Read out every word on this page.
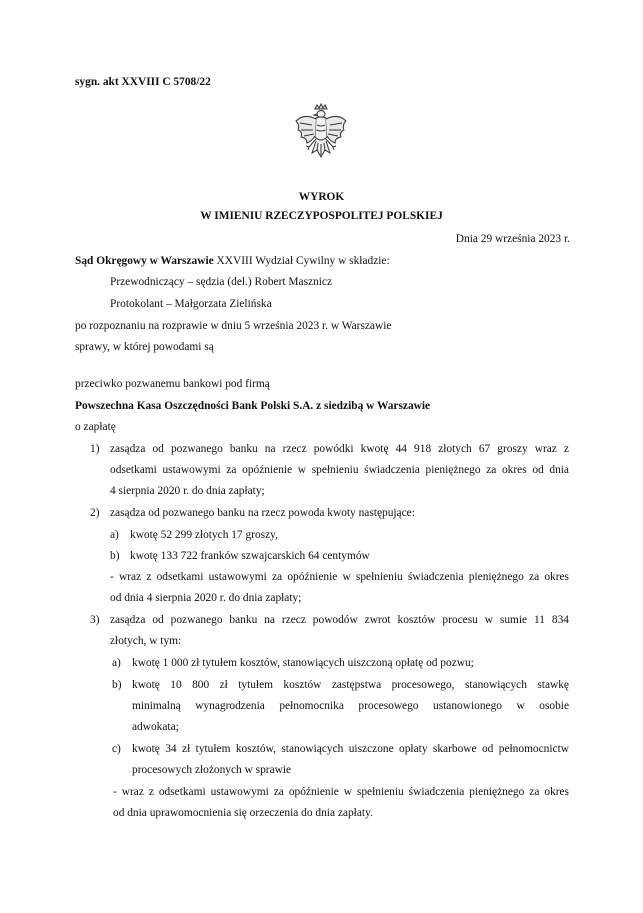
sygn. akt XXVIII C 5708/22
WYROK
W IMIENIU RZECZYPOSPOLITEJ POLSKIEJ
Dnia 29 września 2023 r.
Sąd Okręgowy w Warszawie XXVIII Wydział Cywilny w składzie:
Przewodniczący – sędzia (del.) Robert Masznicz
Protokolant – Małgorzata Zielińska
po rozpoznaniu na rozprawie w dniu 5 września 2023 r. w Warszawie
sprawy, w której powodami są
przeciwko pozwanemu bankowi pod firmą
Powszechna Kasa Oszczędności Bank Polski S.A. z siedzibą w Warszawie
o zapłatę
1) zasądza od pozwanego banku na rzecz powódki kwotę 44 918 złotych 67 groszy wraz z
odsetkami ustawowymi za opóźnienie w spełnieniu świadczenia pieniężnego za okres od dnia
4 sierpnia 2020 r. do dnia zapłaty;
2) zasądza od pozwanego banku na rzecz powoda kwoty następujące:
a) kwotę 52 299 złotych 17 groszy,
b) kwotę 133 722 franków szwajcarskich 64 centymów
- wraz z odsetkami ustawowymi za opóźnienie w spełnieniu świadczenia pieniężnego za okres
od dnia 4 sierpnia 2020 r. do dnia zapłaty;
3) zasądza od pozwanego banku na rzecz powodów zwrot kosztów procesu w sumie 11 834
złotych, w tym:
a) kwotę 1 000 zł tytułem kosztów, stanowiących uiszczoną opłatę od pozwu;
b) kwotę 10 800 zł tytułem kosztów zastępstwa procesowego, stanowiących stawkę
minimalną wynagrodzenia pełnomocnika procesowego ustanowionego w osobie
adwokata;
c) kwotę 34 zł tytułem kosztów, stanowiących uiszczone opłaty skarbowe od pełnomocnictw
procesowych złożonych w sprawie
- wraz z odsetkami ustawowymi za opóźnienie w spełnieniu świadczenia pieniężnego za okres
od dnia uprawomocnienia się orzeczenia do dnia zapłaty.
